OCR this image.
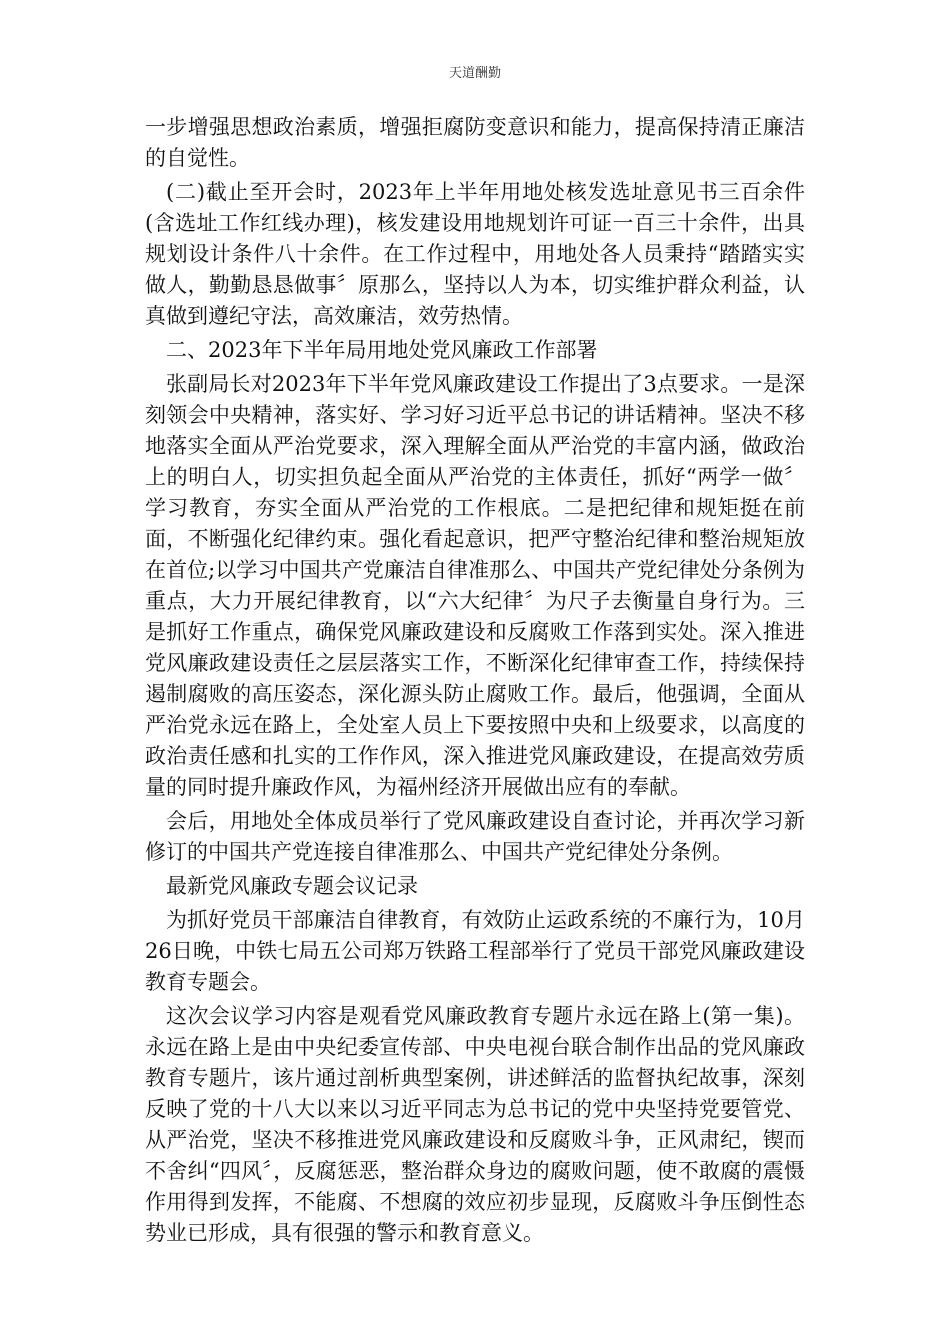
天道酬勤

一步增强思想政治素质，增强拒腐防变意识和能力，提高保持清正廉洁的自觉性。

(二)截止至开会时，2023年上半年用地处核发选址意见书三百余件(含选址工作红线办理)，核发建设用地规划许可证一百三十余件，出具规划设计条件八十余件。在工作过程中，用地处各人员秉持“踏踏实实做人，勤勤恳恳做事〞原那么，坚持以人为本，切实维护群众利益，认真做到遵纪守法，高效廉洁，效劳热情。

二、2023年下半年局用地处党风廉政工作部署

张副局长对2023年下半年党风廉政建设工作提出了3点要求。一是深刻领会中央精神，落实好、学习好习近平总书记的讲话精神。坚决不移地落实全面从严治党要求，深入理解全面从严治党的丰富内涵，做政治上的明白人，切实担负起全面从严治党的主体责任，抓好“两学一做〞学习教育，夯实全面从严治党的工作根底。二是把纪律和规矩挺在前面，不断强化纪律约束。强化看起意识，把严守整治纪律和整治规矩放在首位;以学习中国共产党廉洁自律准那么、中国共产党纪律处分条例为重点，大力开展纪律教育，以“六大纪律〞为尺子去衡量自身行为。三是抓好工作重点，确保党风廉政建设和反腐败工作落到实处。深入推进党风廉政建设责任之层层落实工作，不断深化纪律审查工作，持续保持遏制腐败的高压姿态，深化源头防止腐败工作。最后，他强调，全面从严治党永远在路上，全处室人员上下要按照中央和上级要求，以高度的政治责任感和扎实的工作作风，深入推进党风廉政建设，在提高效劳质量的同时提升廉政作风，为福州经济开展做出应有的奉献。

会后，用地处全体成员举行了党风廉政建设自查讨论，并再次学习新修订的中国共产党连接自律准那么、中国共产党纪律处分条例。

最新党风廉政专题会议记录

为抓好党员干部廉洁自律教育，有效防止运政系统的不廉行为，10月26日晚，中铁七局五公司郑万铁路工程部举行了党员干部党风廉政建设教育专题会。

这次会议学习内容是观看党风廉政教育专题片永远在路上(第一集)。永远在路上是由中央纪委宣传部、中央电视台联合制作出品的党风廉政教育专题片，该片通过剖析典型案例，讲述鲜活的监督执纪故事，深刻反映了党的十八大以来以习近平同志为总书记的党中央坚持党要管党、从严治党，坚决不移推进党风廉政建设和反腐败斗争，正风肃纪，锲而不舍纠“四风〞，反腐惩恶，整治群众身边的腐败问题，使不敢腐的震慑作用得到发挥，不能腐、不想腐的效应初步显现，反腐败斗争压倒性态势业已形成，具有很强的警示和教育意义。
